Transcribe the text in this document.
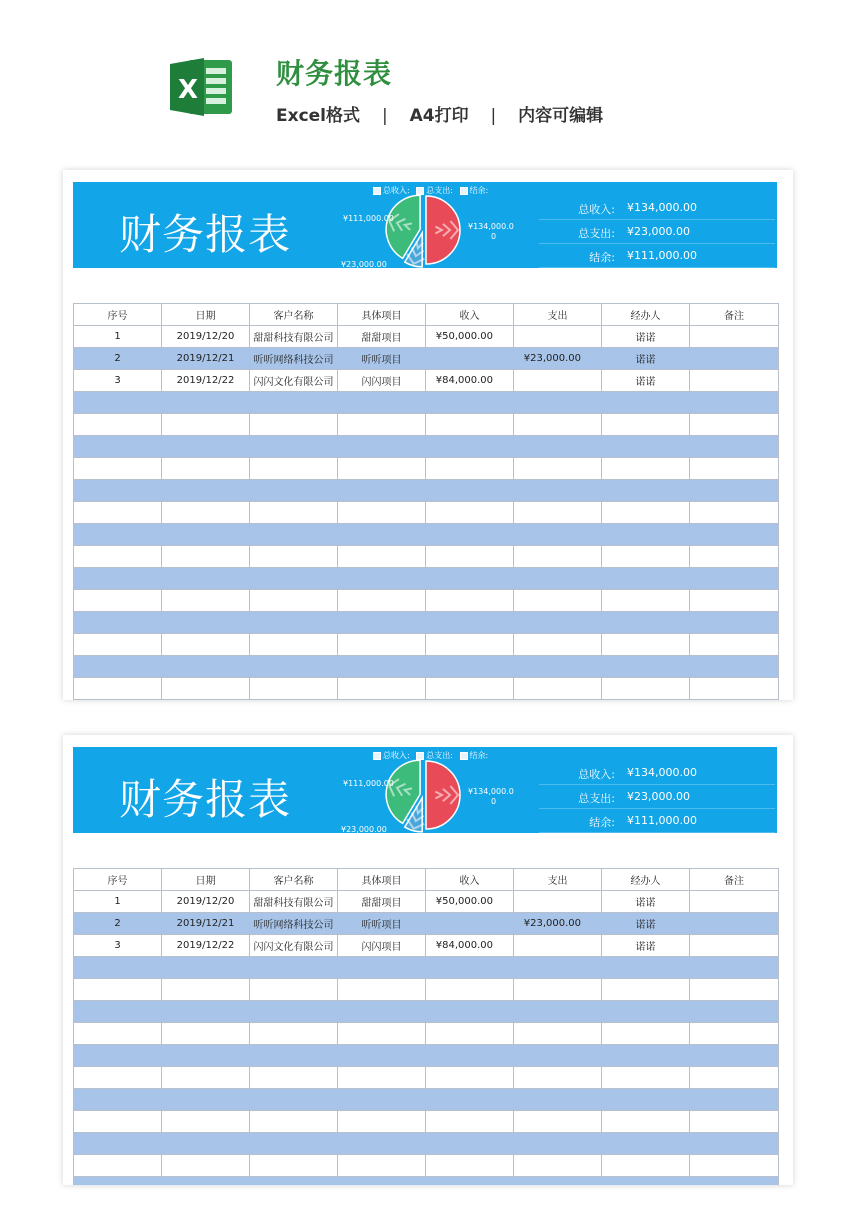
X	财务报表
Excel格式 | A4打印 | 内容可编辑
财务报表
总收入: 总支出: 结余:
¥111,000.00
¥23,000.00
¥134,000.0
0
总收入: ¥134,000.00
总支出: ¥23,000.00
结余: ¥111,000.00
序号	日期	客户名称	具体项目	收入	支出	经办人	备注
1	2019/12/20	甜甜科技有限公司	甜甜项目	¥50,000.00		诺诺	
2	2019/12/21	听听网络科技公司	听听项目		¥23,000.00	诺诺	
3	2019/12/22	闪闪文化有限公司	闪闪项目	¥84,000.00		诺诺	

财务报表
总收入: 总支出: 结余:
¥111,000.00
¥23,000.00
¥134,000.0
0
总收入: ¥134,000.00
总支出: ¥23,000.00
结余: ¥111,000.00
序号	日期	客户名称	具体项目	收入	支出	经办人	备注
1	2019/12/20	甜甜科技有限公司	甜甜项目	¥50,000.00		诺诺	
2	2019/12/21	听听网络科技公司	听听项目		¥23,000.00	诺诺	
3	2019/12/22	闪闪文化有限公司	闪闪项目	¥84,000.00		诺诺	
